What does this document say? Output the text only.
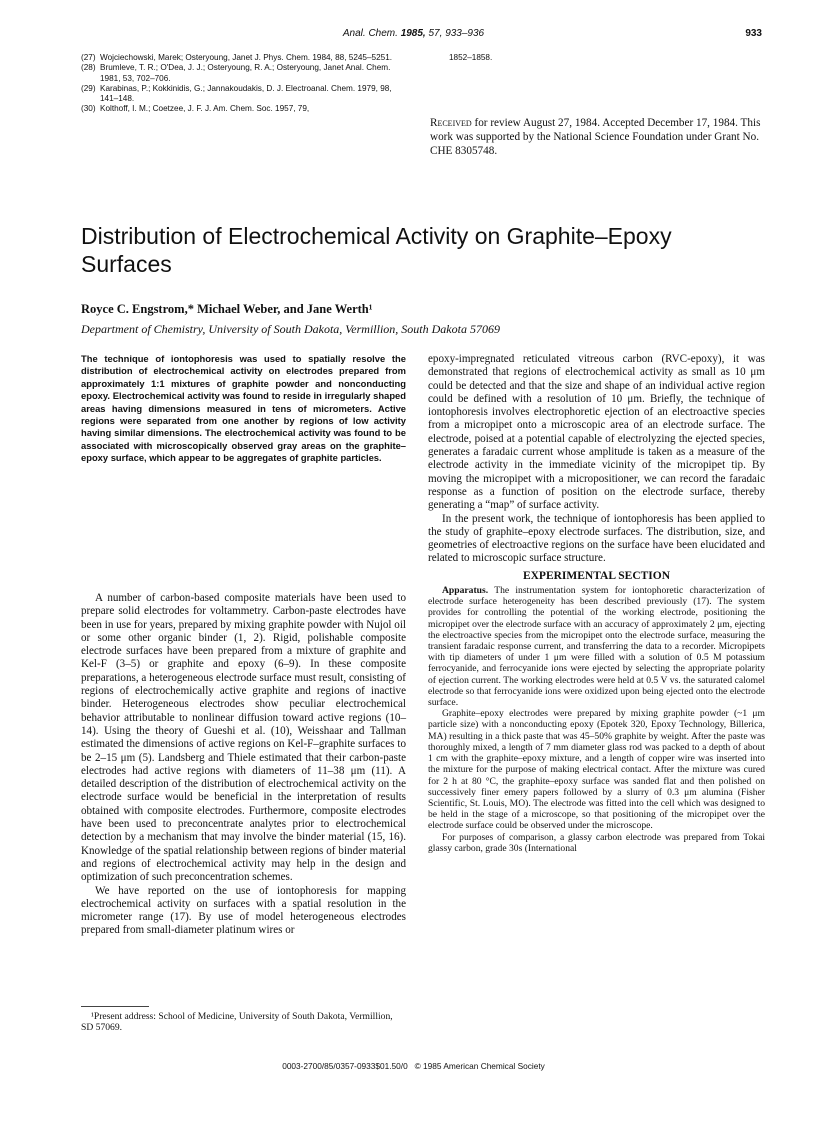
Anal. Chem. 1985, 57, 933–936	933
(27) Wojciechowski, Marek; Osteryoung, Janet J. Phys. Chem. 1984, 88, 5245–5251.
(28) Brumleve, T. R.; O'Dea, J. J.; Osteryoung, R. A.; Osteryoung, Janet Anal. Chem. 1981, 53, 702–706.
(29) Karabinas, P.; Kokkinidis, G.; Jannakoudakis, D. J. Electroanal. Chem. 1979, 98, 141–148.
(30) Kolthoff, I. M.; Coetzee, J. F. J. Am. Chem. Soc. 1957, 79,
1852–1858.
Received for review August 27, 1984. Accepted December 17, 1984. This work was supported by the National Science Foundation under Grant No. CHE 8305748.
Distribution of Electrochemical Activity on Graphite–Epoxy Surfaces
Royce C. Engstrom,* Michael Weber, and Jane Werth¹
Department of Chemistry, University of South Dakota, Vermillion, South Dakota 57069
The technique of iontophoresis was used to spatially resolve the distribution of electrochemical activity on electrodes prepared from approximately 1:1 mixtures of graphite powder and nonconducting epoxy. Electrochemical activity was found to reside in irregularly shaped areas having dimensions measured in tens of micrometers. Active regions were separated from one another by regions of low activity having similar dimensions. The electrochemical activity was found to be associated with microscopically observed gray areas on the graphite–epoxy surface, which appear to be aggregates of graphite particles.

A number of carbon-based composite materials have been used to prepare solid electrodes for voltammetry. Carbon-paste electrodes have been in use for years, prepared by mixing graphite powder with Nujol oil or some other organic binder (1, 2). Rigid, polishable composite electrode surfaces have been prepared from a mixture of graphite and Kel-F (3–5) or graphite and epoxy (6–9). In these composite preparations, a heterogeneous electrode surface must result, consisting of regions of electrochemically active graphite and regions of inactive binder. Heterogeneous electrodes show peculiar electrochemical behavior attributable to nonlinear diffusion toward active regions (10–14). Using the theory of Gueshi et al. (10), Weisshaar and Tallman estimated the dimensions of active regions on Kel-F–graphite surfaces to be 2–15 μm (5). Landsberg and Thiele estimated that their carbon-paste electrodes had active regions with diameters of 11–38 μm (11). A detailed description of the distribution of electrochemical activity on the electrode surface would be beneficial in the interpretation of results obtained with composite electrodes. Furthermore, composite electrodes have been used to preconcentrate analytes prior to electrochemical detection by a mechanism that may involve the binder material (15, 16). Knowledge of the spatial relationship between regions of binder material and regions of electrochemical activity may help in the design and optimization of such preconcentration schemes.

We have reported on the use of iontophoresis for mapping electrochemical activity on surfaces with a spatial resolution in the micrometer range (17). By use of model heterogeneous electrodes prepared from small-diameter platinum wires or

epoxy-impregnated reticulated vitreous carbon (RVC-epoxy), it was demonstrated that regions of electrochemical activity as small as 10 μm could be detected and that the size and shape of an individual active region could be defined with a resolution of 10 μm. Briefly, the technique of iontophoresis involves electrophoretic ejection of an electroactive species from a micropipet onto a microscopic area of an electrode surface. The electrode, poised at a potential capable of electrolyzing the ejected species, generates a faradaic current whose amplitude is taken as a measure of the electrode activity in the immediate vicinity of the micropipet tip. By moving the micropipet with a micropositioner, we can record the faradaic response as a function of position on the electrode surface, thereby generating a “map” of surface activity.

In the present work, the technique of iontophoresis has been applied to the study of graphite–epoxy electrode surfaces. The distribution, size, and geometries of electroactive regions on the surface have been elucidated and related to microscopic surface structure.

EXPERIMENTAL SECTION

Apparatus. The instrumentation system for iontophoretic characterization of electrode surface heterogeneity has been described previously (17). The system provides for controlling the potential of the working electrode, positioning the micropipet over the electrode surface with an accuracy of approximately 2 μm, ejecting the electroactive species from the micropipet onto the electrode surface, measuring the transient faradaic response current, and transferring the data to a recorder. Micropipets with tip diameters of under 1 μm were filled with a solution of 0.5 M potassium ferrocyanide, and ferrocyanide ions were ejected by selecting the appropriate polarity of ejection current. The working electrodes were held at 0.5 V vs. the saturated calomel electrode so that ferrocyanide ions were oxidized upon being ejected onto the electrode surface.

Graphite–epoxy electrodes were prepared by mixing graphite powder (~1 μm particle size) with a nonconducting epoxy (Epotek 320, Epoxy Technology, Billerica, MA) resulting in a thick paste that was 45–50% graphite by weight. After the paste was thoroughly mixed, a length of 7 mm diameter glass rod was packed to a depth of about 1 cm with the graphite–epoxy mixture, and a length of copper wire was inserted into the mixture for the purpose of making electrical contact. After the mixture was cured for 2 h at 80 °C, the graphite–epoxy surface was sanded flat and then polished on successively finer emery papers followed by a slurry of 0.3 μm alumina (Fisher Scientific, St. Louis, MO). The electrode was fitted into the cell which was designed to be held in the stage of a microscope, so that positioning of the micropipet over the electrode surface could be observed under the microscope.

For purposes of comparison, a glassy carbon electrode was prepared from Tokai glassy carbon, grade 30s (International

¹Present address: School of Medicine, University of South Dakota, Vermillion, SD 57069.
0003-2700/85/0357-0933$01.50/0 © 1985 American Chemical Society
